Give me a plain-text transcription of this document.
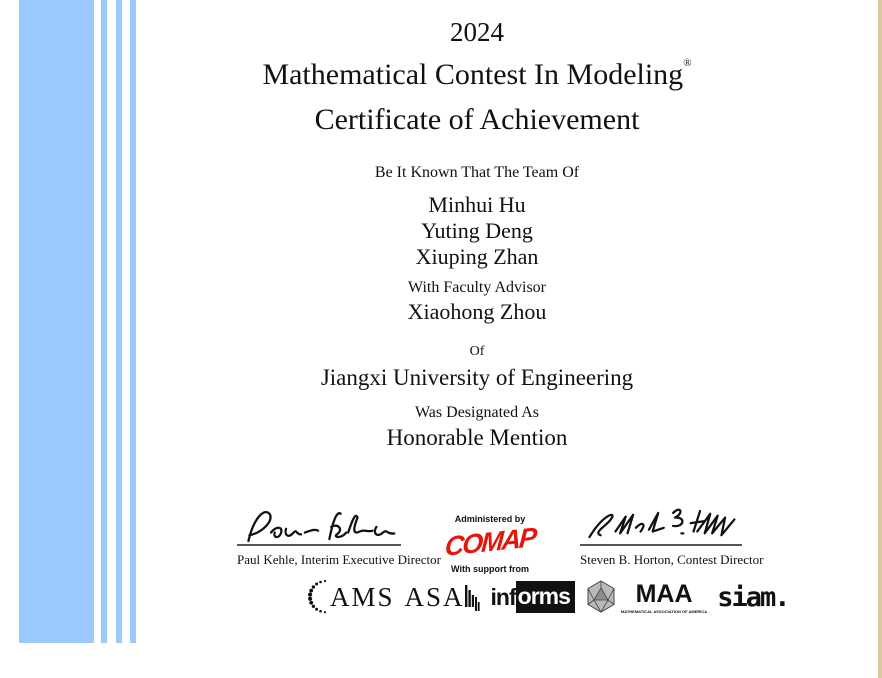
2024
Mathematical Contest In Modeling®
Certificate of Achievement
Be It Known That The Team Of
Minhui Hu
Yuting Deng
Xiuping Zhan
With Faculty Advisor
Xiaohong Zhou
Of
Jiangxi University of Engineering
Was Designated As
Honorable Mention
Paul Kehle, Interim Executive Director
Administered by
COMAP
With support from
Steven B. Horton, Contest Director
AMS ASA inf orms	MAA
MATHEMATICAL ASSOCIATION OF AMERICA siam.
